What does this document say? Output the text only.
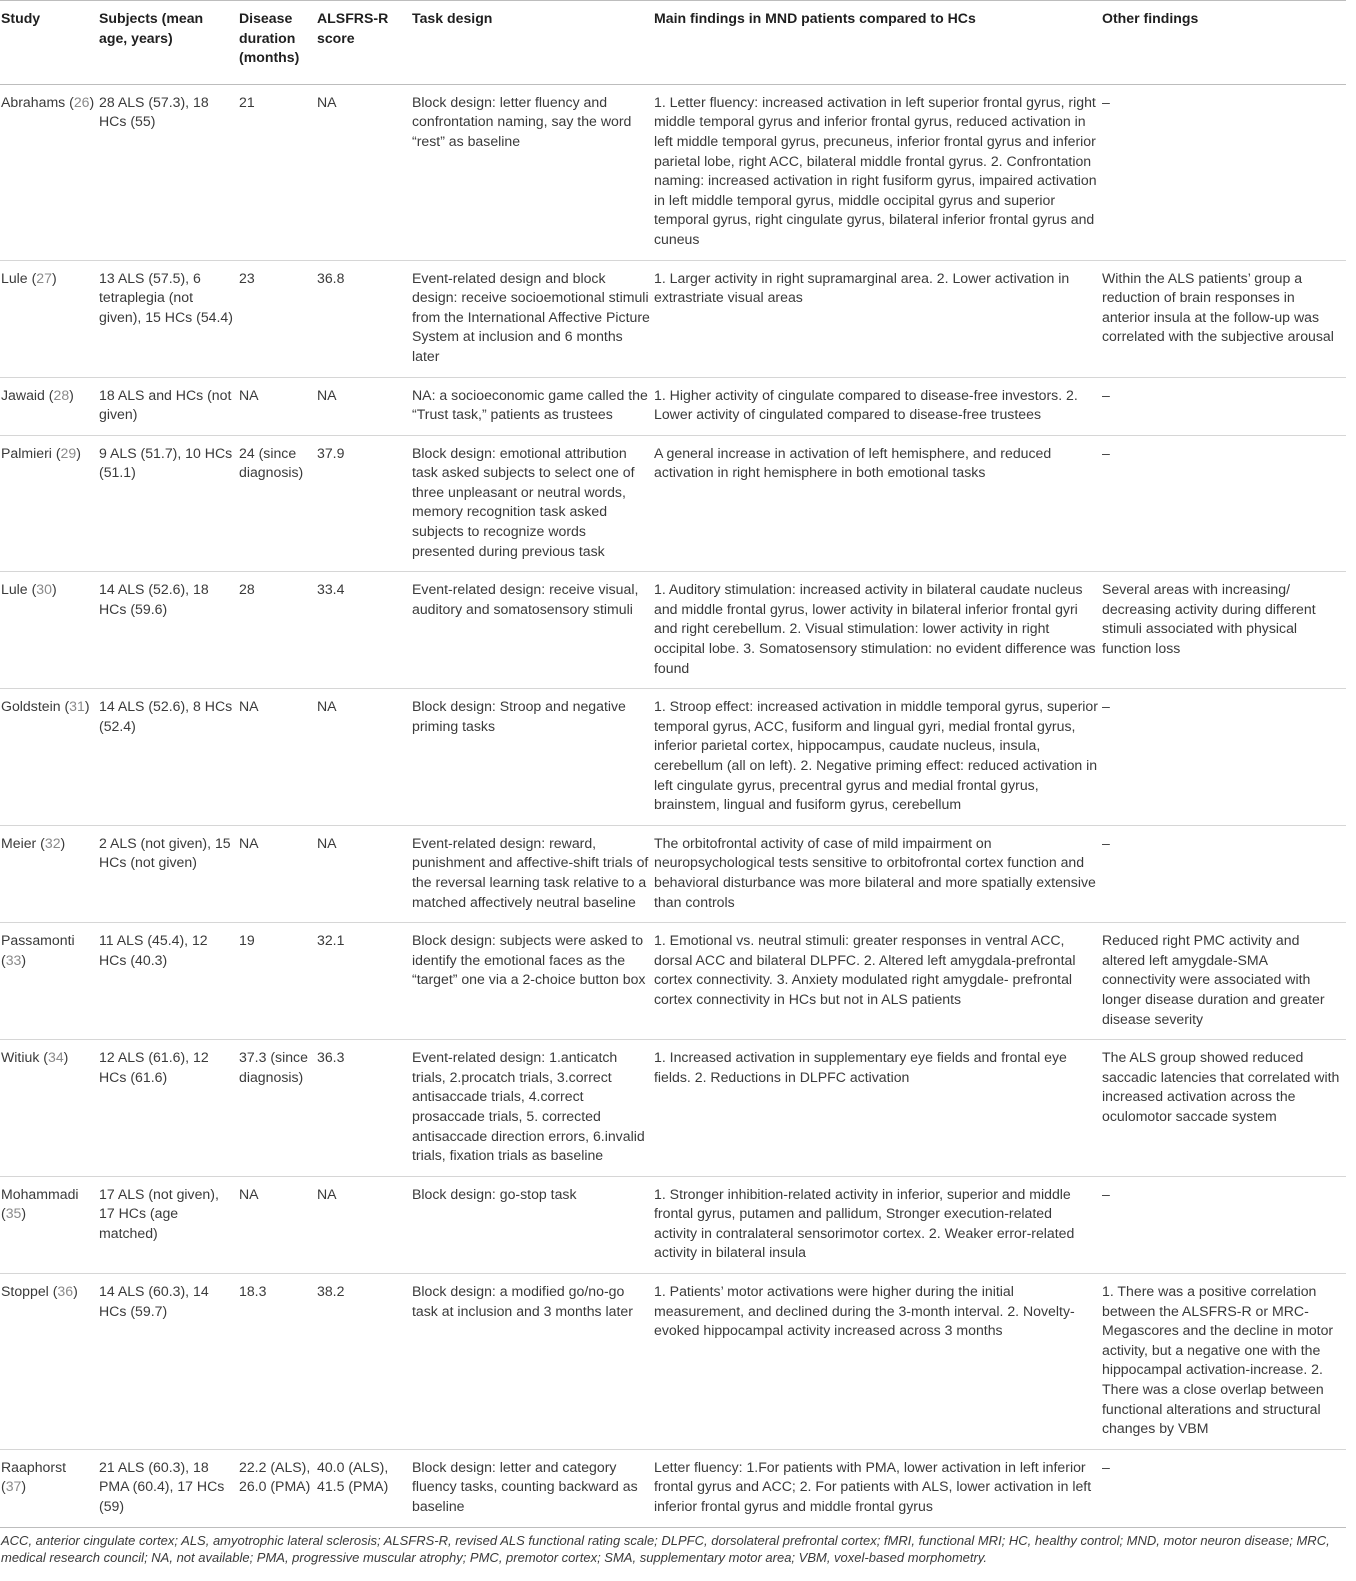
Study	Subjects (mean age, years)	Disease duration (months)	ALSFRS-R score	Task design	Main findings in MND patients compared to HCs	Other findings
Abrahams (26)	28 ALS (57.3), 18 HCs (55)	21	NA	Block design: letter fluency and confrontation naming, say the word “rest” as baseline	1. Letter fluency: increased activation in left superior frontal gyrus, right middle temporal gyrus and inferior frontal gyrus, reduced activation in left middle temporal gyrus, precuneus, inferior frontal gyrus and inferior parietal lobe, right ACC, bilateral middle frontal gyrus. 2. Confrontation naming: increased activation in right fusiform gyrus, impaired activation in left middle temporal gyrus, middle occipital gyrus and superior temporal gyrus, right cingulate gyrus, bilateral inferior frontal gyrus and cuneus	–
Lule (27)	13 ALS (57.5), 6 tetraplegia (not given), 15 HCs (54.4)	23	36.8	Event-related design and block design: receive socioemotional stimuli from the International Affective Picture System at inclusion and 6 months later	1. Larger activity in right supramarginal area. 2. Lower activation in extrastriate visual areas	Within the ALS patients’ group a reduction of brain responses in anterior insula at the follow-up was correlated with the subjective arousal
Jawaid (28)	18 ALS and HCs (not given)	NA	NA	NA: a socioeconomic game called the “Trust task,” patients as trustees	1. Higher activity of cingulate compared to disease-free investors. 2. Lower activity of cingulated compared to disease-free trustees	–
Palmieri (29)	9 ALS (51.7), 10 HCs (51.1)	24 (since diagnosis)	37.9	Block design: emotional attribution task asked subjects to select one of three unpleasant or neutral words, memory recognition task asked subjects to recognize words presented during previous task	A general increase in activation of left hemisphere, and reduced activation in right hemisphere in both emotional tasks	–
Lule (30)	14 ALS (52.6), 18 HCs (59.6)	28	33.4	Event-related design: receive visual, auditory and somatosensory stimuli	1. Auditory stimulation: increased activity in bilateral caudate nucleus and middle frontal gyrus, lower activity in bilateral inferior frontal gyri and right cerebellum. 2. Visual stimulation: lower activity in right occipital lobe. 3. Somatosensory stimulation: no evident difference was found	Several areas with increasing/ decreasing activity during different stimuli associated with physical function loss
Goldstein (31)	14 ALS (52.6), 8 HCs (52.4)	NA	NA	Block design: Stroop and negative priming tasks	1. Stroop effect: increased activation in middle temporal gyrus, superior temporal gyrus, ACC, fusiform and lingual gyri, medial frontal gyrus, inferior parietal cortex, hippocampus, caudate nucleus, insula, cerebellum (all on left). 2. Negative priming effect: reduced activation in left cingulate gyrus, precentral gyrus and medial frontal gyrus, brainstem, lingual and fusiform gyrus, cerebellum	–
Meier (32)	2 ALS (not given), 15 HCs (not given)	NA	NA	Event-related design: reward, punishment and affective-shift trials of the reversal learning task relative to a matched affectively neutral baseline	The orbitofrontal activity of case of mild impairment on neuropsychological tests sensitive to orbitofrontal cortex function and behavioral disturbance was more bilateral and more spatially extensive than controls	–
Passamonti (33)	11 ALS (45.4), 12 HCs (40.3)	19	32.1	Block design: subjects were asked to identify the emotional faces as the “target” one via a 2-choice button box	1. Emotional vs. neutral stimuli: greater responses in ventral ACC, dorsal ACC and bilateral DLPFC. 2. Altered left amygdala-prefrontal cortex connectivity. 3. Anxiety modulated right amygdale- prefrontal cortex connectivity in HCs but not in ALS patients	Reduced right PMC activity and altered left amygdale-SMA connectivity were associated with longer disease duration and greater disease severity
Witiuk (34)	12 ALS (61.6), 12 HCs (61.6)	37.3 (since diagnosis)	36.3	Event-related design: 1.anticatch trials, 2.procatch trials, 3.correct antisaccade trials, 4.correct prosaccade trials, 5. corrected antisaccade direction errors, 6.invalid trials, fixation trials as baseline	1. Increased activation in supplementary eye fields and frontal eye fields. 2. Reductions in DLPFC activation	The ALS group showed reduced saccadic latencies that correlated with increased activation across the oculomotor saccade system
Mohammadi (35)	17 ALS (not given), 17 HCs (age matched)	NA	NA	Block design: go-stop task	1. Stronger inhibition-related activity in inferior, superior and middle frontal gyrus, putamen and pallidum, Stronger execution-related activity in contralateral sensorimotor cortex. 2. Weaker error-related activity in bilateral insula	–
Stoppel (36)	14 ALS (60.3), 14 HCs (59.7)	18.3	38.2	Block design: a modified go/no-go task at inclusion and 3 months later	1. Patients’ motor activations were higher during the initial measurement, and declined during the 3-month interval. 2. Novelty-evoked hippocampal activity increased across 3 months	1. There was a positive correlation between the ALSFRS-R or MRC-Megascores and the decline in motor activity, but a negative one with the hippocampal activation-increase. 2. There was a close overlap between functional alterations and structural changes by VBM
Raaphorst (37)	21 ALS (60.3), 18 PMA (60.4), 17 HCs (59)	22.2 (ALS), 26.0 (PMA)	40.0 (ALS), 41.5 (PMA)	Block design: letter and category fluency tasks, counting backward as baseline	Letter fluency: 1.For patients with PMA, lower activation in left inferior frontal gyrus and ACC; 2. For patients with ALS, lower activation in left inferior frontal gyrus and middle frontal gyrus	–
ACC, anterior cingulate cortex; ALS, amyotrophic lateral sclerosis; ALSFRS-R, revised ALS functional rating scale; DLPFC, dorsolateral prefrontal cortex; fMRI, functional MRI; HC, healthy control; MND, motor neuron disease; MRC, medical research council; NA, not available; PMA, progressive muscular atrophy; PMC, premotor cortex; SMA, supplementary motor area; VBM, voxel-based morphometry.
